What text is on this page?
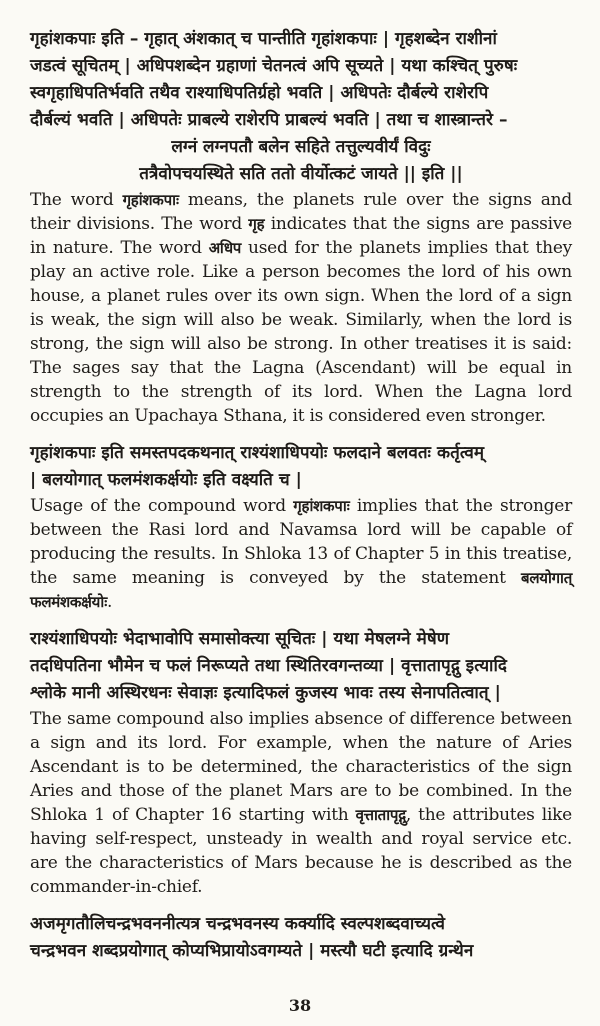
गृहांशकपाः इति – गृहात् अंशकात् च पान्तीति गृहांशकपाः | गृहशब्देन राशीनां

जडत्वं सूचितम् | अधिपशब्देन ग्रहाणां चेतनत्वं अपि सूच्यते | यथा कश्चित् पुरुषः

स्वगृहाधिपतिर्भवति तथैव राश्याधिपतिर्ग्रहो भवति | अधिपतेः दौर्बल्ये राशेरपि

दौर्बल्यं भवति | अधिपतेः प्राबल्ये राशेरपि प्राबल्यं भवति | तथा च शास्त्रान्तरे –

लग्नं लग्नपतौ बलेन सहिते तत्तुल्यवीर्यं विदुः

तत्रैवोपचयस्थिते सति ततो वीर्योत्कटं जायते || इति ||

The word गृहांशकपाः means, the planets rule over the signs and their divisions. The word गृह indicates that the signs are passive in nature. The word अधिप used for the planets implies that they play an active role. Like a person becomes the lord of his own house, a planet rules over its own sign. When the lord of a sign is weak, the sign will also be weak. Similarly, when the lord is strong, the sign will also be strong. In other treatises it is said: The sages say that the Lagna (Ascendant) will be equal in strength to the strength of its lord. When the Lagna lord occupies an Upachaya Sthana, it is considered even stronger.

गृहांशकपाः इति समस्तपदकथनात् राश्यंशाधिपयोः फलदाने बलवतः कर्तृत्वम्

| बलयोगात् फलमंशकर्क्षयोः इति वक्ष्यति च |

Usage of the compound word गृहांशकपाः implies that the stronger between the Rasi lord and Navamsa lord will be capable of producing the results. In Shloka 13 of Chapter 5 in this treatise, the same meaning is conveyed by the statement बलयोगात् फलमंशकर्क्षयोः.

राश्यंशाधिपयोः भेदाभावोपि समासोक्त्या सूचितः | यथा मेषलग्ने मेषेण

तदधिपतिना भौमेन च फलं निरूप्यते तथा स्थितिरवगन्तव्या | वृत्तातापृद्गु इत्यादि

श्लोके मानी अस्थिरधनः सेवाज्ञः इत्यादिफलं कुजस्य भावः तस्य सेनापतित्वात् |

The same compound also implies absence of difference between a sign and its lord. For example, when the nature of Aries Ascendant is to be determined, the characteristics of the sign Aries and those of the planet Mars are to be combined. In the Shloka 1 of Chapter 16 starting with वृत्तातापृद्गु, the attributes like having self-respect, unsteady in wealth and royal service etc. are the characteristics of Mars because he is described as the commander-in-chief.

अजमृगतौलिचन्द्रभवननीत्यत्र चन्द्रभवनस्य कर्क्यादि स्वल्पशब्दवाच्यत्वे

चन्द्रभवन शब्दप्रयोगात् कोप्यभिप्रायोऽवगम्यते | मस्त्यौ घटी इत्यादि ग्रन्थेन

38
